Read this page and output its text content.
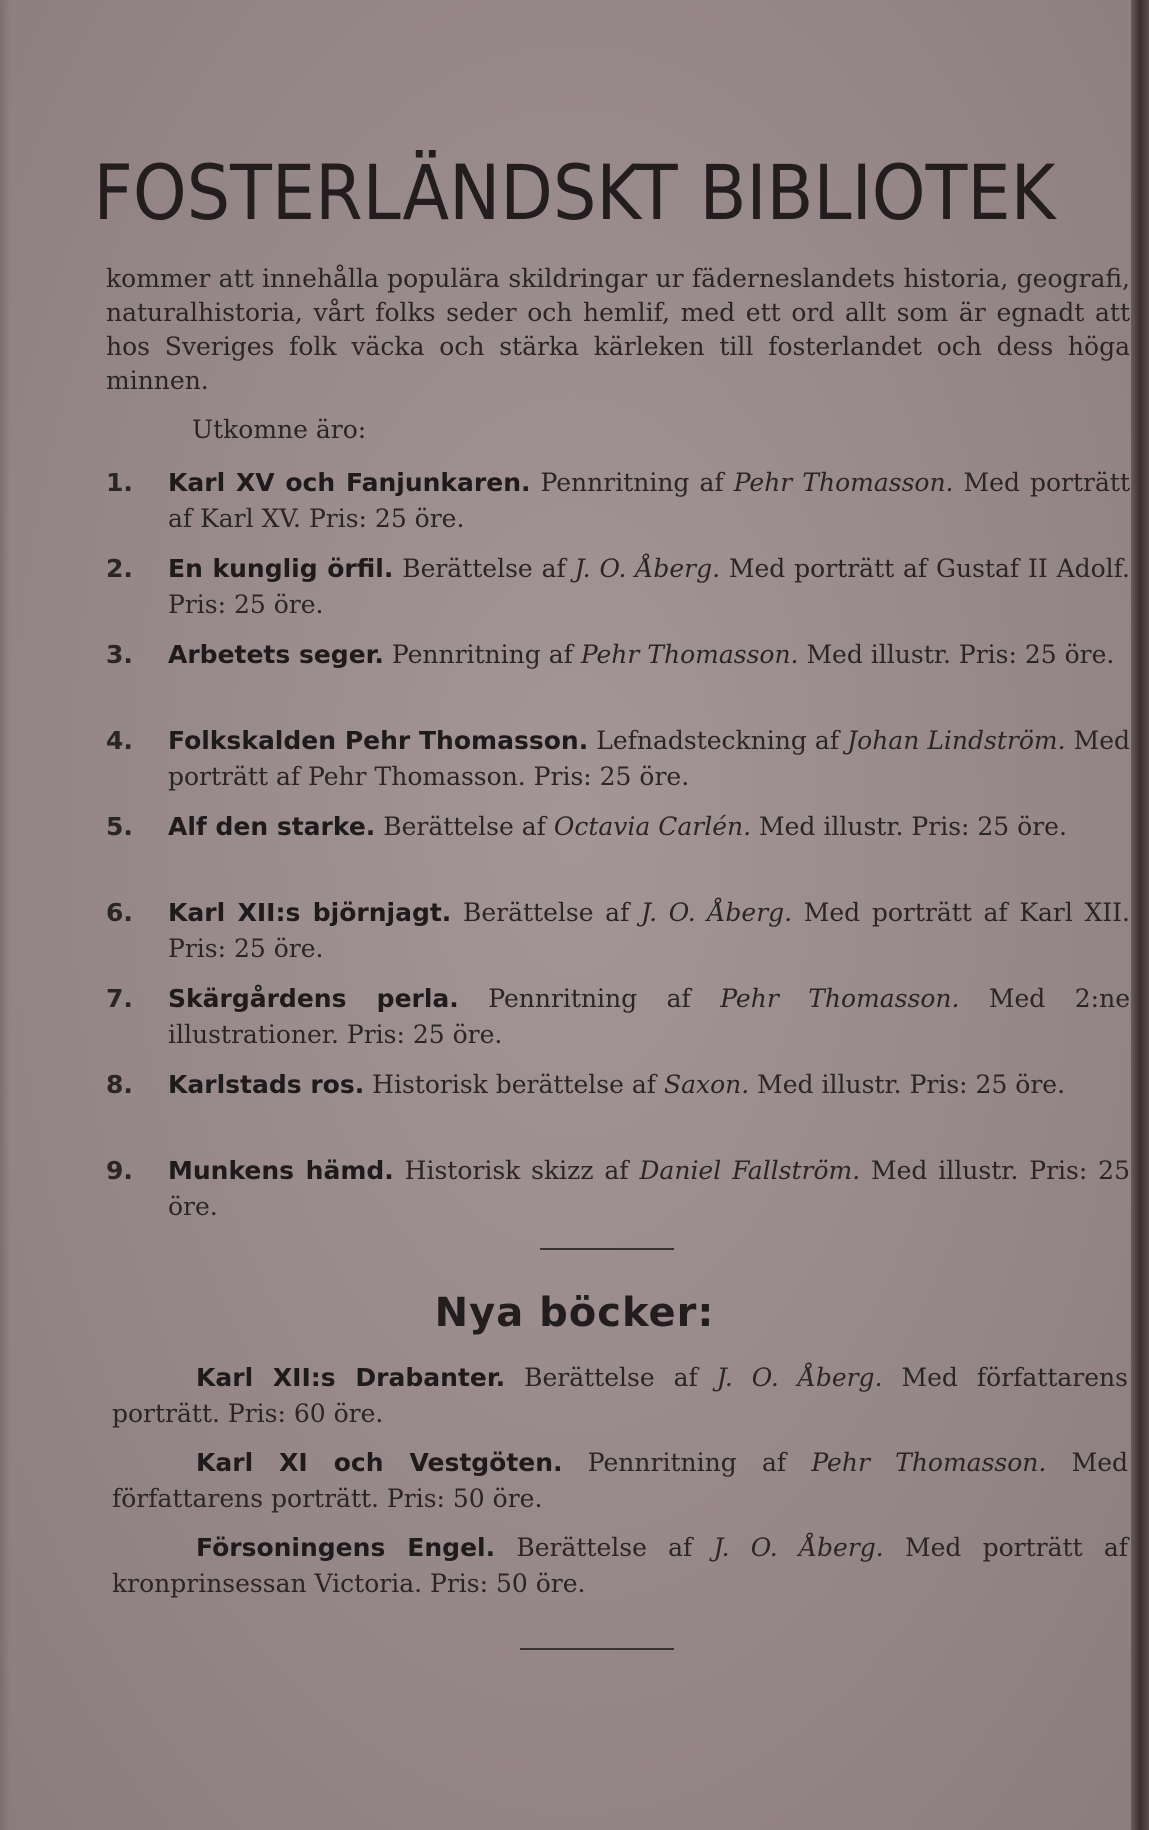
FOSTERLÄNDSKT BIBLIOTEK

kommer att innehålla populära skildringar ur fäderneslandets historia, geografi, naturalhistoria, vårt folks seder och hemlif, med ett ord allt som är egnadt att hos Sveriges folk väcka och stärka kärleken till fosterlandet och dess höga minnen.

Utkomne äro:

1. Karl XV och Fanjunkaren. Pennritning af Pehr Thomasson. Med porträtt af Karl XV. Pris: 25 öre.
2. En kunglig örfil. Berättelse af J. O. Åberg. Med porträtt af Gustaf II Adolf. Pris: 25 öre.
3. Arbetets seger. Pennritning af Pehr Thomasson. Med illustr. Pris: 25 öre.
4. Folkskalden Pehr Thomasson. Lefnadsteckning af Johan Lindström. Med porträtt af Pehr Thomasson. Pris: 25 öre.
5. Alf den starke. Berättelse af Octavia Carlén. Med illustr. Pris: 25 öre.
6. Karl XII:s björnjagt. Berättelse af J. O. Åberg. Med porträtt af Karl XII. Pris: 25 öre.
7. Skärgårdens perla. Pennritning af Pehr Thomasson. Med 2:ne illustrationer. Pris: 25 öre.
8. Karlstads ros. Historisk berättelse af Saxon. Med illustr. Pris: 25 öre.
9. Munkens hämd. Historisk skizz af Daniel Fallström. Med illustr. Pris: 25 öre.
Nya böcker:

Karl XII:s Drabanter. Berättelse af J. O. Åberg. Med författarens porträtt. Pris: 60 öre.

Karl XI och Vestgöten. Pennritning af Pehr Thomasson. Med författarens porträtt. Pris: 50 öre.

Försoningens Engel. Berättelse af J. O. Åberg. Med porträtt af kronprinsessan Victoria. Pris: 50 öre.
